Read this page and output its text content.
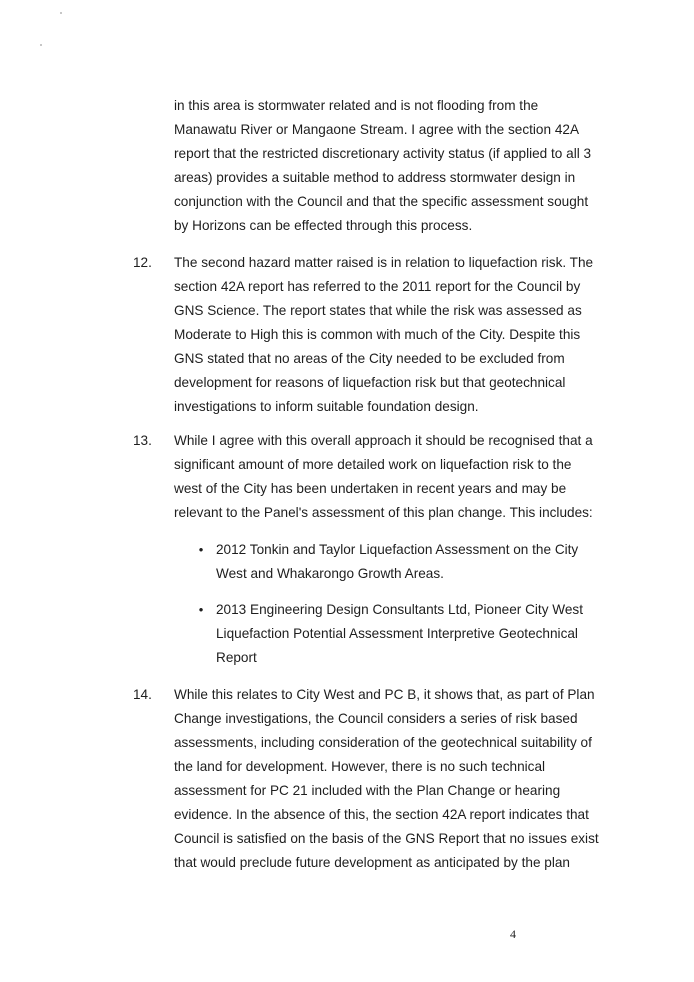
in this area is stormwater related and is not flooding from the
Manawatu River or Mangaone Stream. I agree with the section 42A
report that the restricted discretionary activity status (if applied to all 3
areas) provides a suitable method to address stormwater design in
conjunction with the Council and that the specific assessment sought
by Horizons can be effected through this process.

12. The second hazard matter raised is in relation to liquefaction risk. The
section 42A report has referred to the 2011 report for the Council by
GNS Science. The report states that while the risk was assessed as
Moderate to High this is common with much of the City. Despite this
GNS stated that no areas of the City needed to be excluded from
development for reasons of liquefaction risk but that geotechnical
investigations to inform suitable foundation design.

13. While I agree with this overall approach it should be recognised that a
significant amount of more detailed work on liquefaction risk to the
west of the City has been undertaken in recent years and may be
relevant to the Panel's assessment of this plan change. This includes:

• 2012 Tonkin and Taylor Liquefaction Assessment on the City
West and Whakarongo Growth Areas.
• 2013 Engineering Design Consultants Ltd, Pioneer City West
Liquefaction Potential Assessment Interpretive Geotechnical
Report
14. While this relates to City West and PC B, it shows that, as part of Plan
Change investigations, the Council considers a series of risk based
assessments, including consideration of the geotechnical suitability of
the land for development. However, there is no such technical
assessment for PC 21 included with the Plan Change or hearing
evidence. In the absence of this, the section 42A report indicates that
Council is satisfied on the basis of the GNS Report that no issues exist
that would preclude future development as anticipated by the plan

4
